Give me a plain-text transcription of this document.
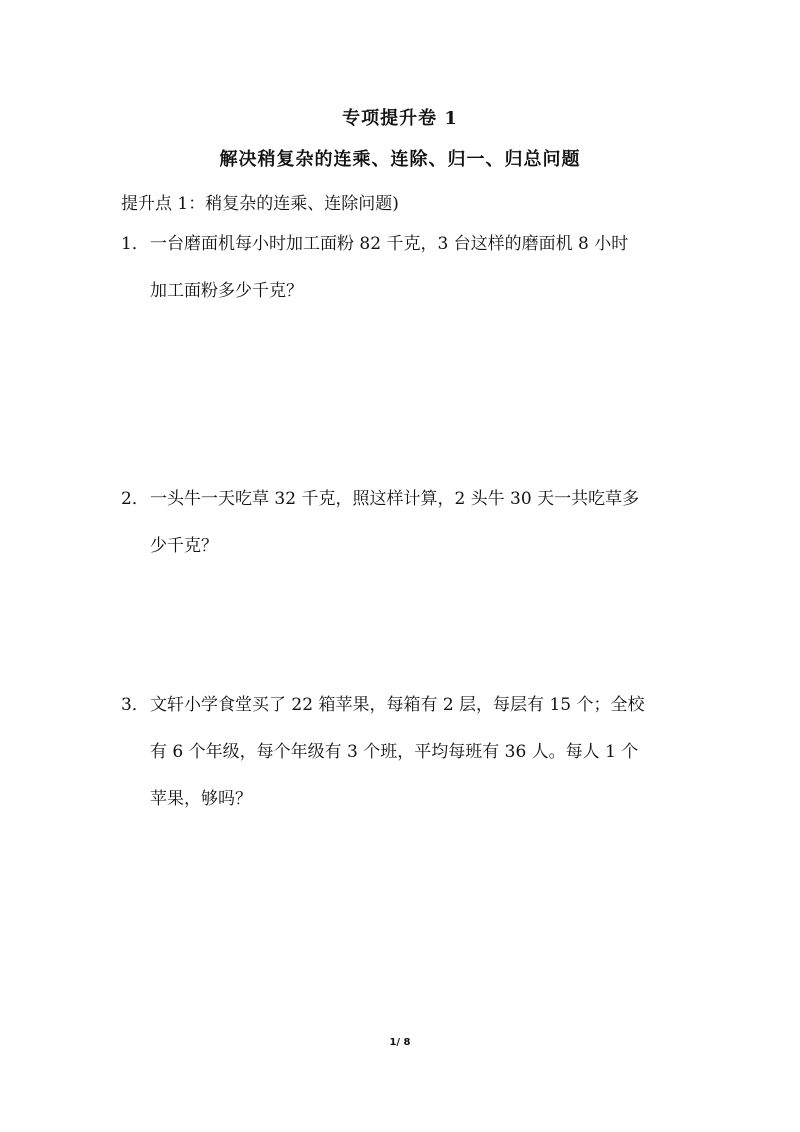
专项提升卷 1
解决稍复杂的连乘、连除、归一、归总问题
提升点 1：稍复杂的连乘、连除问题)
1．一台磨面机每小时加工面粉 82 千克，3 台这样的磨面机 8 小时
加工面粉多少千克？
2．一头牛一天吃草 32 千克，照这样计算，2 头牛 30 天一共吃草多
少千克？
3．文轩小学食堂买了 22 箱苹果，每箱有 2 层，每层有 15 个；全校
有 6 个年级，每个年级有 3 个班，平均每班有 36 人。每人 1 个
苹果，够吗？
1/ 8
